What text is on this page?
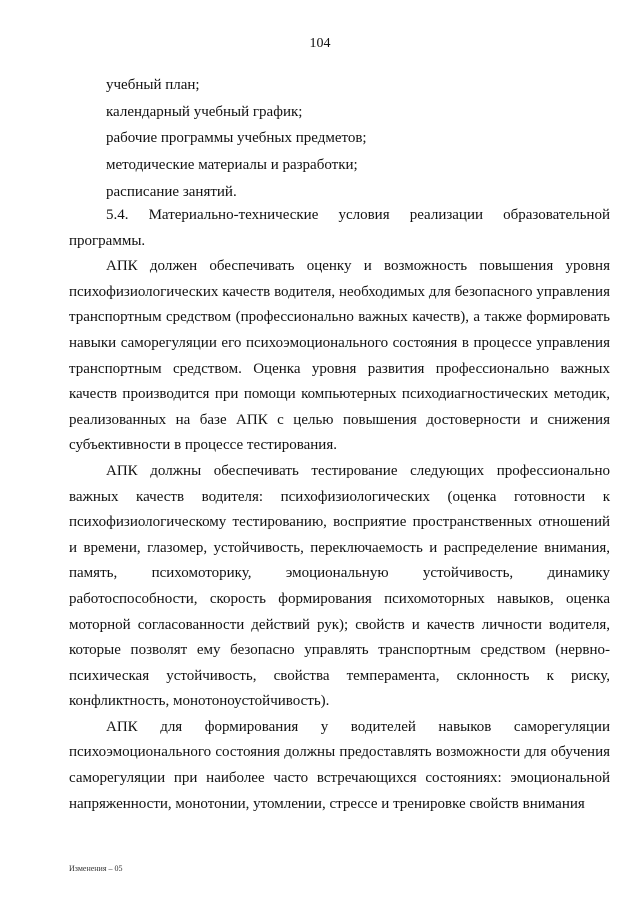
104
учебный план;
календарный учебный график;
рабочие программы учебных предметов;
методические материалы и разработки;
расписание занятий.

5.4. Материально-технические условия реализации образовательной программы.

АПК должен обеспечивать оценку и возможность повышения уровня психофизиологических качеств водителя, необходимых для безопасного управления транспортным средством (профессионально важных качеств), а также формировать навыки саморегуляции его психоэмоционального состояния в процессе управления транспортным средством. Оценка уровня развития профессионально важных качеств производится при помощи компьютерных психодиагностических методик, реализованных на базе АПК с целью повышения достоверности и снижения субъективности в процессе тестирования.

АПК должны обеспечивать тестирование следующих профессионально важных качеств водителя: психофизиологических (оценка готовности к психофизиологическому тестированию, восприятие пространственных отношений и времени, глазомер, устойчивость, переключаемость и распределение внимания, память, психомоторику, эмоциональную устойчивость, динамику работоспособности, скорость формирования психомоторных навыков, оценка моторной согласованности действий рук); свойств и качеств личности водителя, которые позволят ему безопасно управлять транспортным средством (нервно-психическая устойчивость, свойства темперамента, склонность к риску, конфликтность, монотоноустойчивость).

АПК для формирования у водителей навыков саморегуляции психоэмоционального состояния должны предоставлять возможности для обучения саморегуляции при наиболее часто встречающихся состояниях: эмоциональной напряженности, монотонии, утомлении, стрессе и тренировке свойств внимания

Изменения – 05
